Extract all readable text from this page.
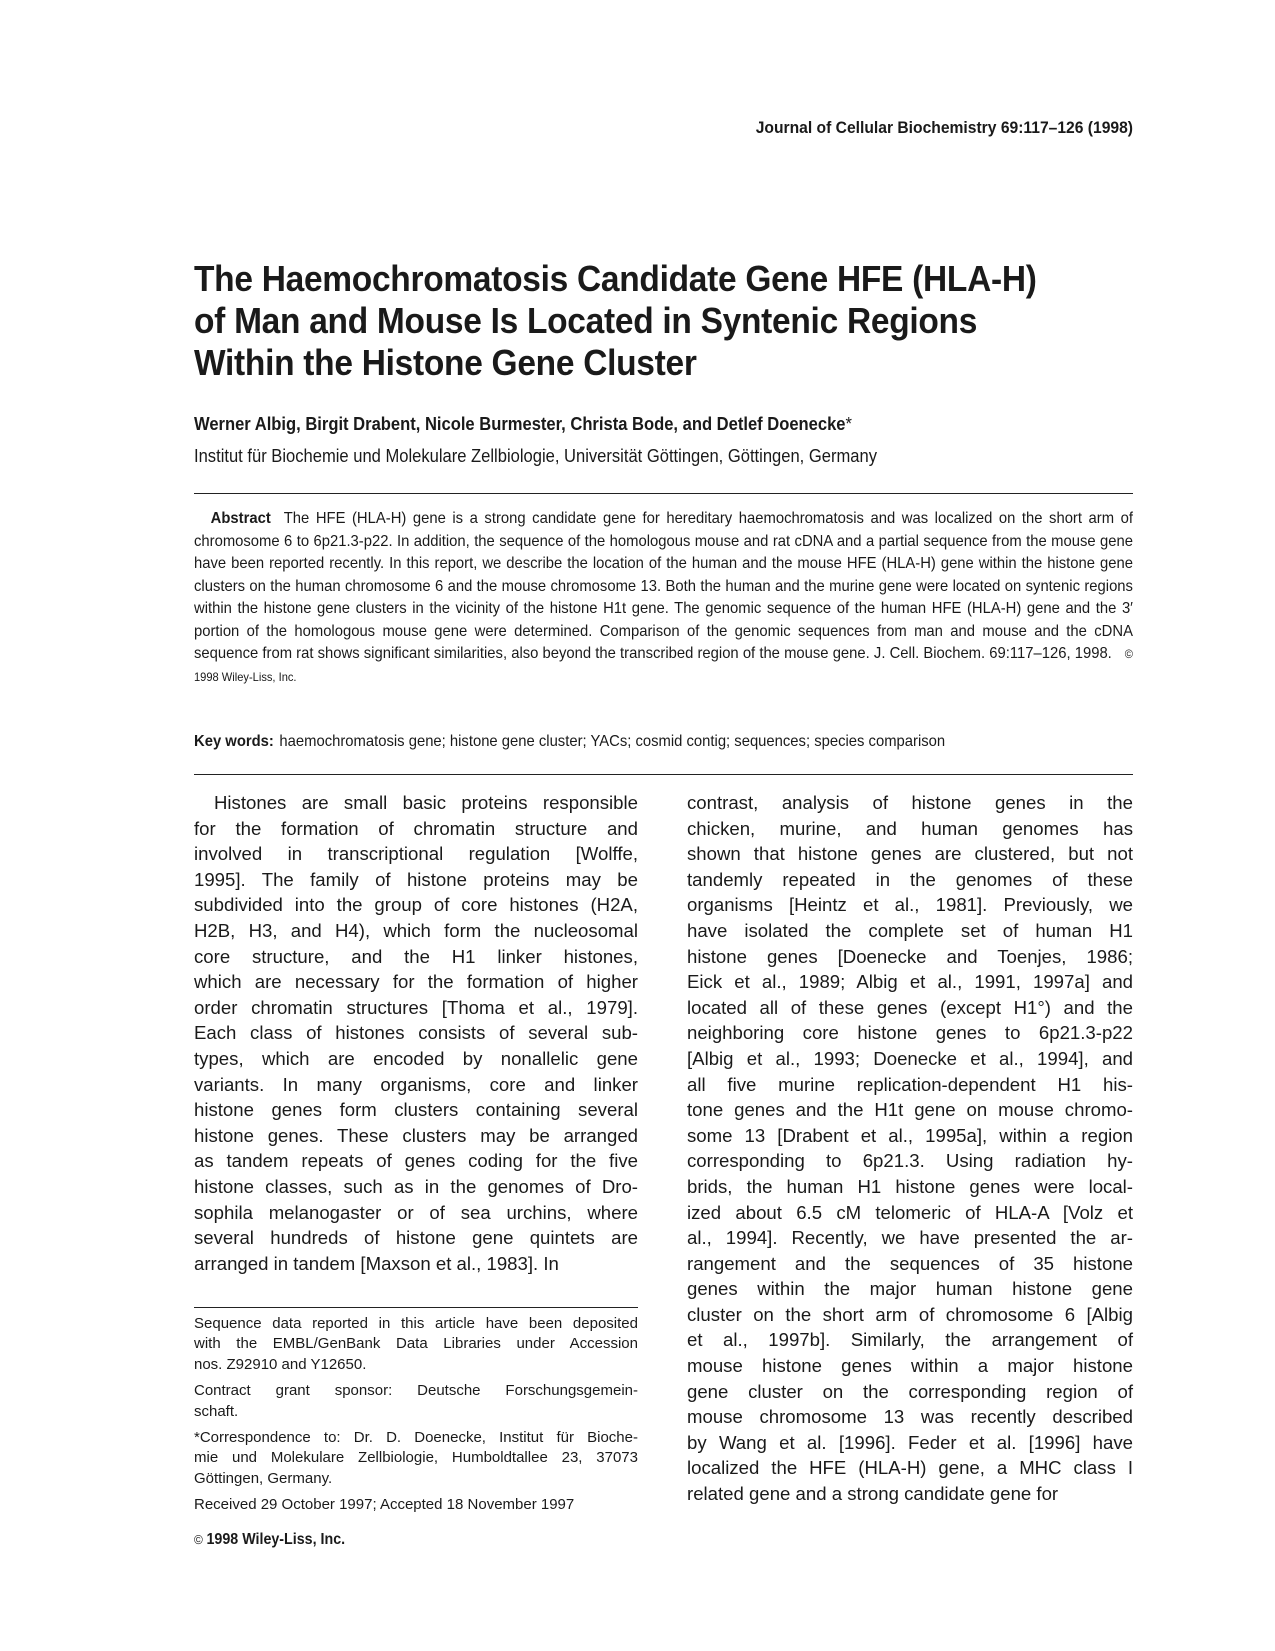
Journal of Cellular Biochemistry 69:117–126 (1998)
The Haemochromatosis Candidate Gene HFE (HLA-H)
of Man and Mouse Is Located in Syntenic Regions
Within the Histone Gene Cluster
Werner Albig, Birgit Drabent, Nicole Burmester, Christa Bode, and Detlef Doenecke*
Institut für Biochemie und Molekulare Zellbiologie, Universität Göttingen, Göttingen, Germany
Abstract The HFE (HLA-H) gene is a strong candidate gene for hereditary haemochromatosis and was localized on the short arm of chromosome 6 to 6p21.3-p22. In addition, the sequence of the homologous mouse and rat cDNA and a partial sequence from the mouse gene have been reported recently. In this report, we describe the location of the human and the mouse HFE (HLA-H) gene within the histone gene clusters on the human chromosome 6 and the mouse chromosome 13. Both the human and the murine gene were located on syntenic regions within the histone gene clusters in the vicinity of the histone H1t gene. The genomic sequence of the human HFE (HLA-H) gene and the 3′ portion of the homologous mouse gene were determined. Comparison of the genomic sequences from man and mouse and the cDNA sequence from rat shows significant similarities, also beyond the transcribed region of the mouse gene. J. Cell. Biochem. 69:117–126, 1998. © 1998 Wiley-Liss, Inc.
Key words: haemochromatosis gene; histone gene cluster; YACs; cosmid contig; sequences; species comparison
Histones are small basic proteins responsible
for the formation of chromatin structure and
involved in transcriptional regulation [Wolffe,
1995]. The family of histone proteins may be
subdivided into the group of core histones (H2A,
H2B, H3, and H4), which form the nucleosomal
core structure, and the H1 linker histones,
which are necessary for the formation of higher
order chromatin structures [Thoma et al., 1979].
Each class of histones consists of several sub-
types, which are encoded by nonallelic gene
variants. In many organisms, core and linker
histone genes form clusters containing several
histone genes. These clusters may be arranged
as tandem repeats of genes coding for the five
histone classes, such as in the genomes of Dro-
sophila melanogaster or of sea urchins, where
several hundreds of histone gene quintets are
arranged in tandem [Maxson et al., 1983]. In
contrast, analysis of histone genes in the
chicken, murine, and human genomes has
shown that histone genes are clustered, but not
tandemly repeated in the genomes of these
organisms [Heintz et al., 1981]. Previously, we
have isolated the complete set of human H1
histone genes [Doenecke and Toenjes, 1986;
Eick et al., 1989; Albig et al., 1991, 1997a] and
located all of these genes (except H1°) and the
neighboring core histone genes to 6p21.3-p22
[Albig et al., 1993; Doenecke et al., 1994], and
all five murine replication-dependent H1 his-
tone genes and the H1t gene on mouse chromo-
some 13 [Drabent et al., 1995a], within a region
corresponding to 6p21.3. Using radiation hy-
brids, the human H1 histone genes were local-
ized about 6.5 cM telomeric of HLA-A [Volz et
al., 1994]. Recently, we have presented the ar-
rangement and the sequences of 35 histone
genes within the major human histone gene
cluster on the short arm of chromosome 6 [Albig
et al., 1997b]. Similarly, the arrangement of
mouse histone genes within a major histone
gene cluster on the corresponding region of
mouse chromosome 13 was recently described
by Wang et al. [1996]. Feder et al. [1996] have
localized the HFE (HLA-H) gene, a MHC class I
related gene and a strong candidate gene for

Sequence data reported in this article have been deposited
with the EMBL/GenBank Data Libraries under Accession
nos. Z92910 and Y12650.

Contract grant sponsor: Deutsche Forschungsgemein-
schaft.

*Correspondence to: Dr. D. Doenecke, Institut für Bioche-
mie und Molekulare Zellbiologie, Humboldtallee 23, 37073
Göttingen, Germany.

Received 29 October 1997; Accepted 18 November 1997

© 1998 Wiley-Liss, Inc.
